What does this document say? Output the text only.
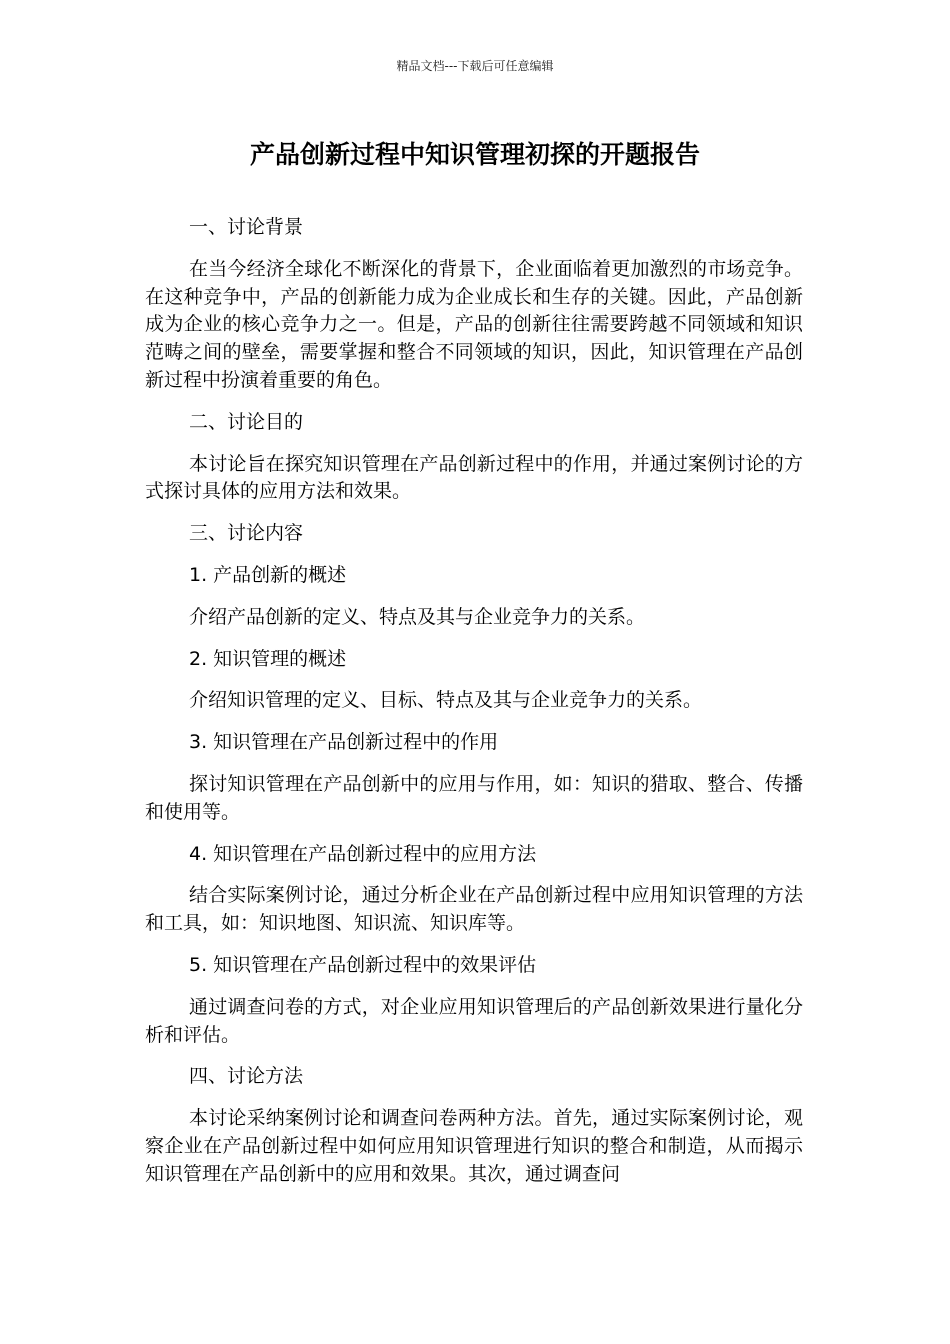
精品文档---下载后可任意编辑
产品创新过程中知识管理初探的开题报告

一、讨论背景

在当今经济全球化不断深化的背景下，企业面临着更加激烈的市场竞争。在这种竞争中，产品的创新能力成为企业成长和生存的关键。因此，产品创新成为企业的核心竞争力之一。但是，产品的创新往往需要跨越不同领域和知识范畴之间的壁垒，需要掌握和整合不同领域的知识，因此，知识管理在产品创新过程中扮演着重要的角色。

二、讨论目的

本讨论旨在探究知识管理在产品创新过程中的作用，并通过案例讨论的方式探讨具体的应用方法和效果。

三、讨论内容

1. 产品创新的概述

介绍产品创新的定义、特点及其与企业竞争力的关系。

2. 知识管理的概述

介绍知识管理的定义、目标、特点及其与企业竞争力的关系。

3. 知识管理在产品创新过程中的作用

探讨知识管理在产品创新中的应用与作用，如：知识的猎取、整合、传播和使用等。

4. 知识管理在产品创新过程中的应用方法

结合实际案例讨论，通过分析企业在产品创新过程中应用知识管理的方法和工具，如：知识地图、知识流、知识库等。

5. 知识管理在产品创新过程中的效果评估

通过调查问卷的方式，对企业应用知识管理后的产品创新效果进行量化分析和评估。

四、讨论方法

本讨论采纳案例讨论和调查问卷两种方法。首先，通过实际案例讨论，观察企业在产品创新过程中如何应用知识管理进行知识的整合和制造，从而揭示知识管理在产品创新中的应用和效果。其次，通过调查问
